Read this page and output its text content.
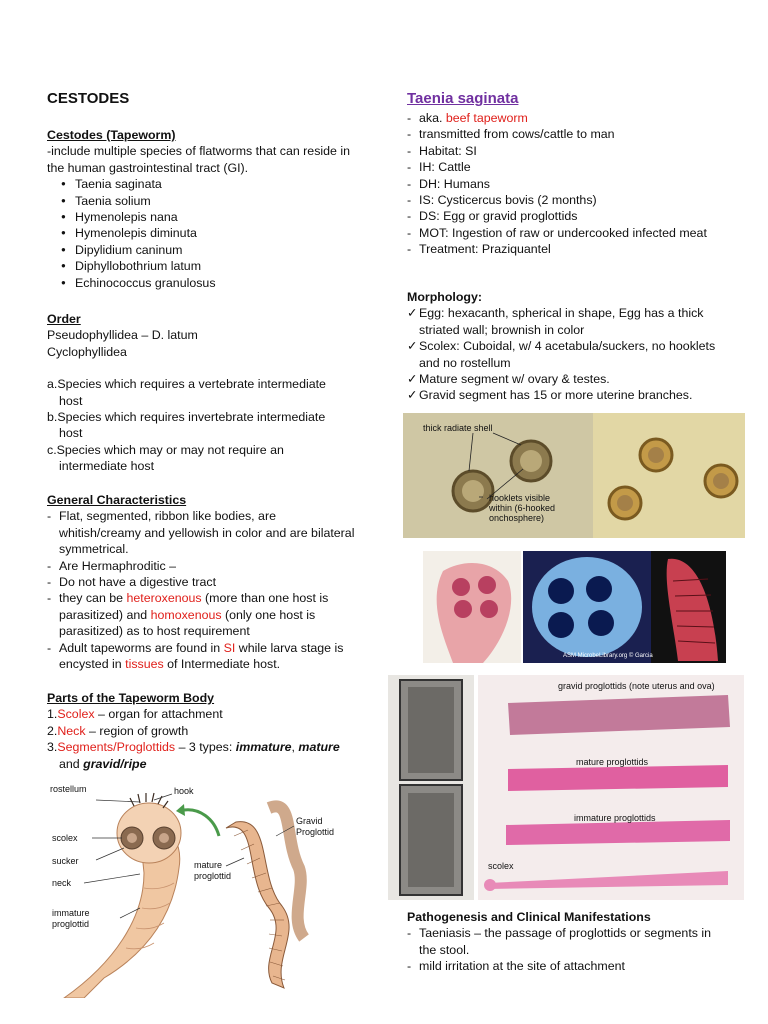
CESTODES
Cestodes (Tapeworm)
-include multiple species of flatworms that can reside in the human gastrointestinal tract (GI).
● Taenia saginata
● Taenia solium
● Hymenolepis nana
● Hymenolepis diminuta
● Dipylidium caninum
● Diphyllobothrium latum
● Echinococcus granulosus
Order
Pseudophyllidea – D. latum
Cyclophyllidea
a.Species which requires a vertebrate intermediate host
b.Species which requires invertebrate intermediate host
c.Species which may or may not require an intermediate host
General Characteristics
- Flat, segmented, ribbon like bodies, are whitish/creamy and yellowish in color and are bilateral symmetrical.
- Are Hermaphroditic –
- Do not have a digestive tract
- they can be heteroxenous (more than one host is parasitized) and homoxenous (only one host is parasitized) as to host requirement
- Adult tapeworms are found in SI while larva stage is encysted in tissues of Intermediate host.
Parts of the Tapeworm Body
1.Scolex – organ for attachment
2.Neck – region of growth
3.Segments/Proglottids – 3 types: immature, mature
and gravid/ripe
rostellum	hook
scolex
sucker
neck
immature
proglottid
mature
proglottid
Gravid
Proglottid
Taenia saginata
- aka. beef tapeworm
- transmitted from cows/cattle to man
- Habitat: SI
- IH: Cattle
- DH: Humans
- IS: Cysticercus bovis (2 months)
- DS: Egg or gravid proglottids
- MOT: Ingestion of raw or undercooked infected meat
- Treatment: Praziquantel
Morphology:
✓ Egg: hexacanth, spherical in shape, Egg has a thick striated wall; brownish in color
✓ Scolex: Cuboidal, w/ 4 acetabula/suckers, no hooklets and no rostellum
✓ Mature segment w/ ovary & testes.
✓ Gravid segment has 15 or more uterine branches.
Pathogenesis and Clinical Manifestations
- Taeniasis – the passage of proglottids or segments in the stool.
- mild irritation at the site of attachment
thick radiate shell
hooklets visible
within (6-hooked
onchosphere)
ASM MicrobeLibrary.org © Garcia
gravid proglottids (note uterus and ova)
mature proglottids
immature proglottids
scolex
